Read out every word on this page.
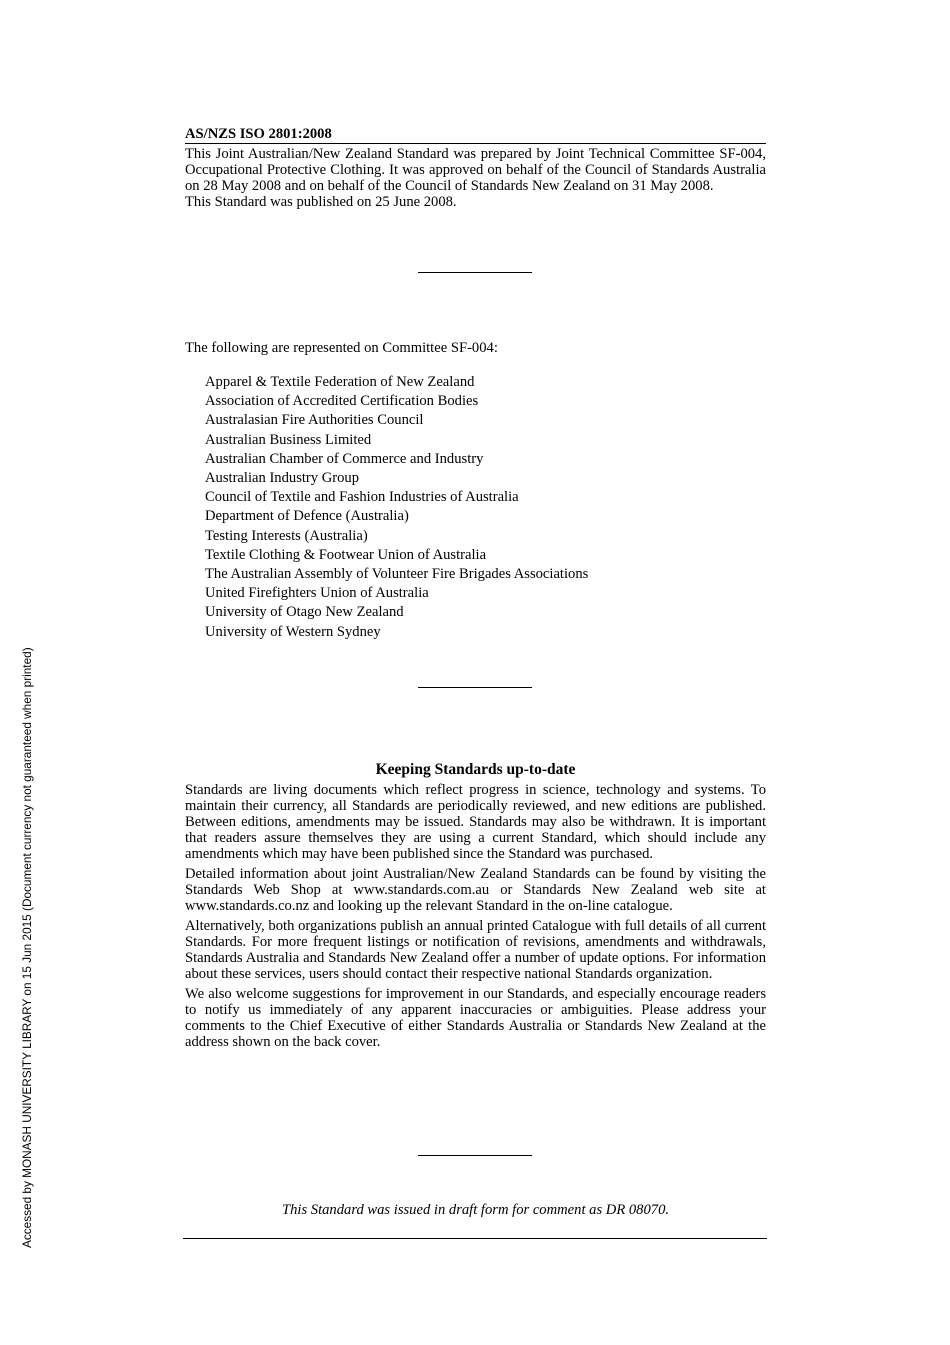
AS/NZS ISO 2801:2008

This Joint Australian/New Zealand Standard was prepared by Joint Technical Committee SF-004, Occupational Protective Clothing. It was approved on behalf of the Council of Standards Australia on 28 May 2008 and on behalf of the Council of Standards New Zealand on 31 May 2008.

This Standard was published on 25 June 2008.

The following are represented on Committee SF-004:
Apparel & Textile Federation of New Zealand
Association of Accredited Certification Bodies
Australasian Fire Authorities Council
Australian Business Limited
Australian Chamber of Commerce and Industry
Australian Industry Group
Council of Textile and Fashion Industries of Australia
Department of Defence (Australia)
Testing Interests (Australia)
Textile Clothing & Footwear Union of Australia
The Australian Assembly of Volunteer Fire Brigades Associations
United Firefighters Union of Australia
University of Otago New Zealand
University of Western Sydney
Keeping Standards up-to-date

Standards are living documents which reflect progress in science, technology and systems. To maintain their currency, all Standards are periodically reviewed, and new editions are published. Between editions, amendments may be issued. Standards may also be withdrawn. It is important that readers assure themselves they are using a current Standard, which should include any amendments which may have been published since the Standard was purchased.

Detailed information about joint Australian/New Zealand Standards can be found by visiting the Standards Web Shop at www.standards.com.au or Standards New Zealand web site at www.standards.co.nz and looking up the relevant Standard in the on-line catalogue.

Alternatively, both organizations publish an annual printed Catalogue with full details of all current Standards. For more frequent listings or notification of revisions, amendments and withdrawals, Standards Australia and Standards New Zealand offer a number of update options. For information about these services, users should contact their respective national Standards organization.

We also welcome suggestions for improvement in our Standards, and especially encourage readers to notify us immediately of any apparent inaccuracies or ambiguities. Please address your comments to the Chief Executive of either Standards Australia or Standards New Zealand at the address shown on the back cover.

This Standard was issued in draft form for comment as DR 08070.
Accessed by MONASH UNIVERSITY LIBRARY on 15 Jun 2015 (Document currency not guaranteed when printed)
